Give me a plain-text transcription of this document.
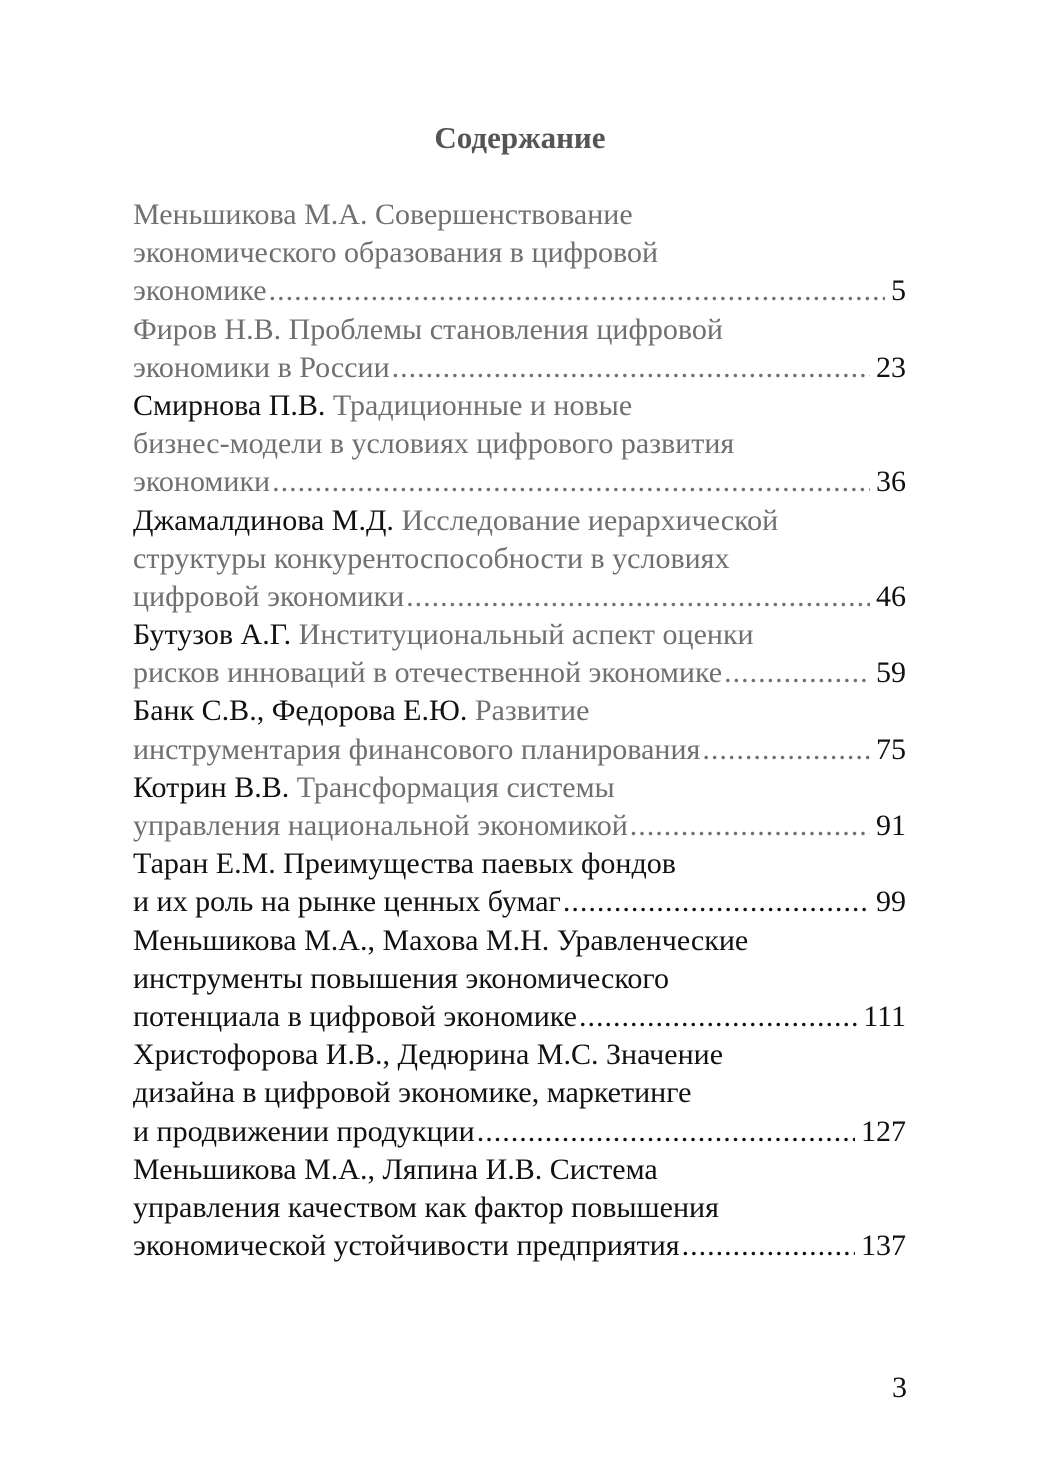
Содержание
Меньшикова М.А. Совершенствование
экономического образования в цифровой
экономике .....	5
Фиров Н.В. Проблемы становления цифровой
экономики в России .....	23
Смирнова П.В. Традиционные и новые
бизнес-модели в условиях цифрового развития
экономики .....	36
Джамалдинова М.Д. Исследование иерархической
структуры конкурентоспособности в условиях
цифровой экономики .....	46
Бутузов А.Г. Институциональный аспект оценки
рисков инноваций в отечественной экономике .....	59
Банк С.В., Федорова Е.Ю. Развитие
инструментария финансового планирования .....	75
Котрин В.В. Трансформация системы
управления национальной экономикой .....	91
Таран Е.М. Преимущества паевых фондов
и их роль на рынке ценных бумаг .....	99
Меньшикова М.А., Махова М.Н. Уравленческие
инструменты повышения экономического
потенциала в цифровой экономике .....	111
Христофорова И.В., Дедюрина М.С. Значение
дизайна в цифровой экономике, маркетинге
и продвижении продукции .....	127
Меньшикова М.А., Ляпина И.В. Система
управления качеством как фактор повышения
экономической устойчивости предприятия .....	137
3
